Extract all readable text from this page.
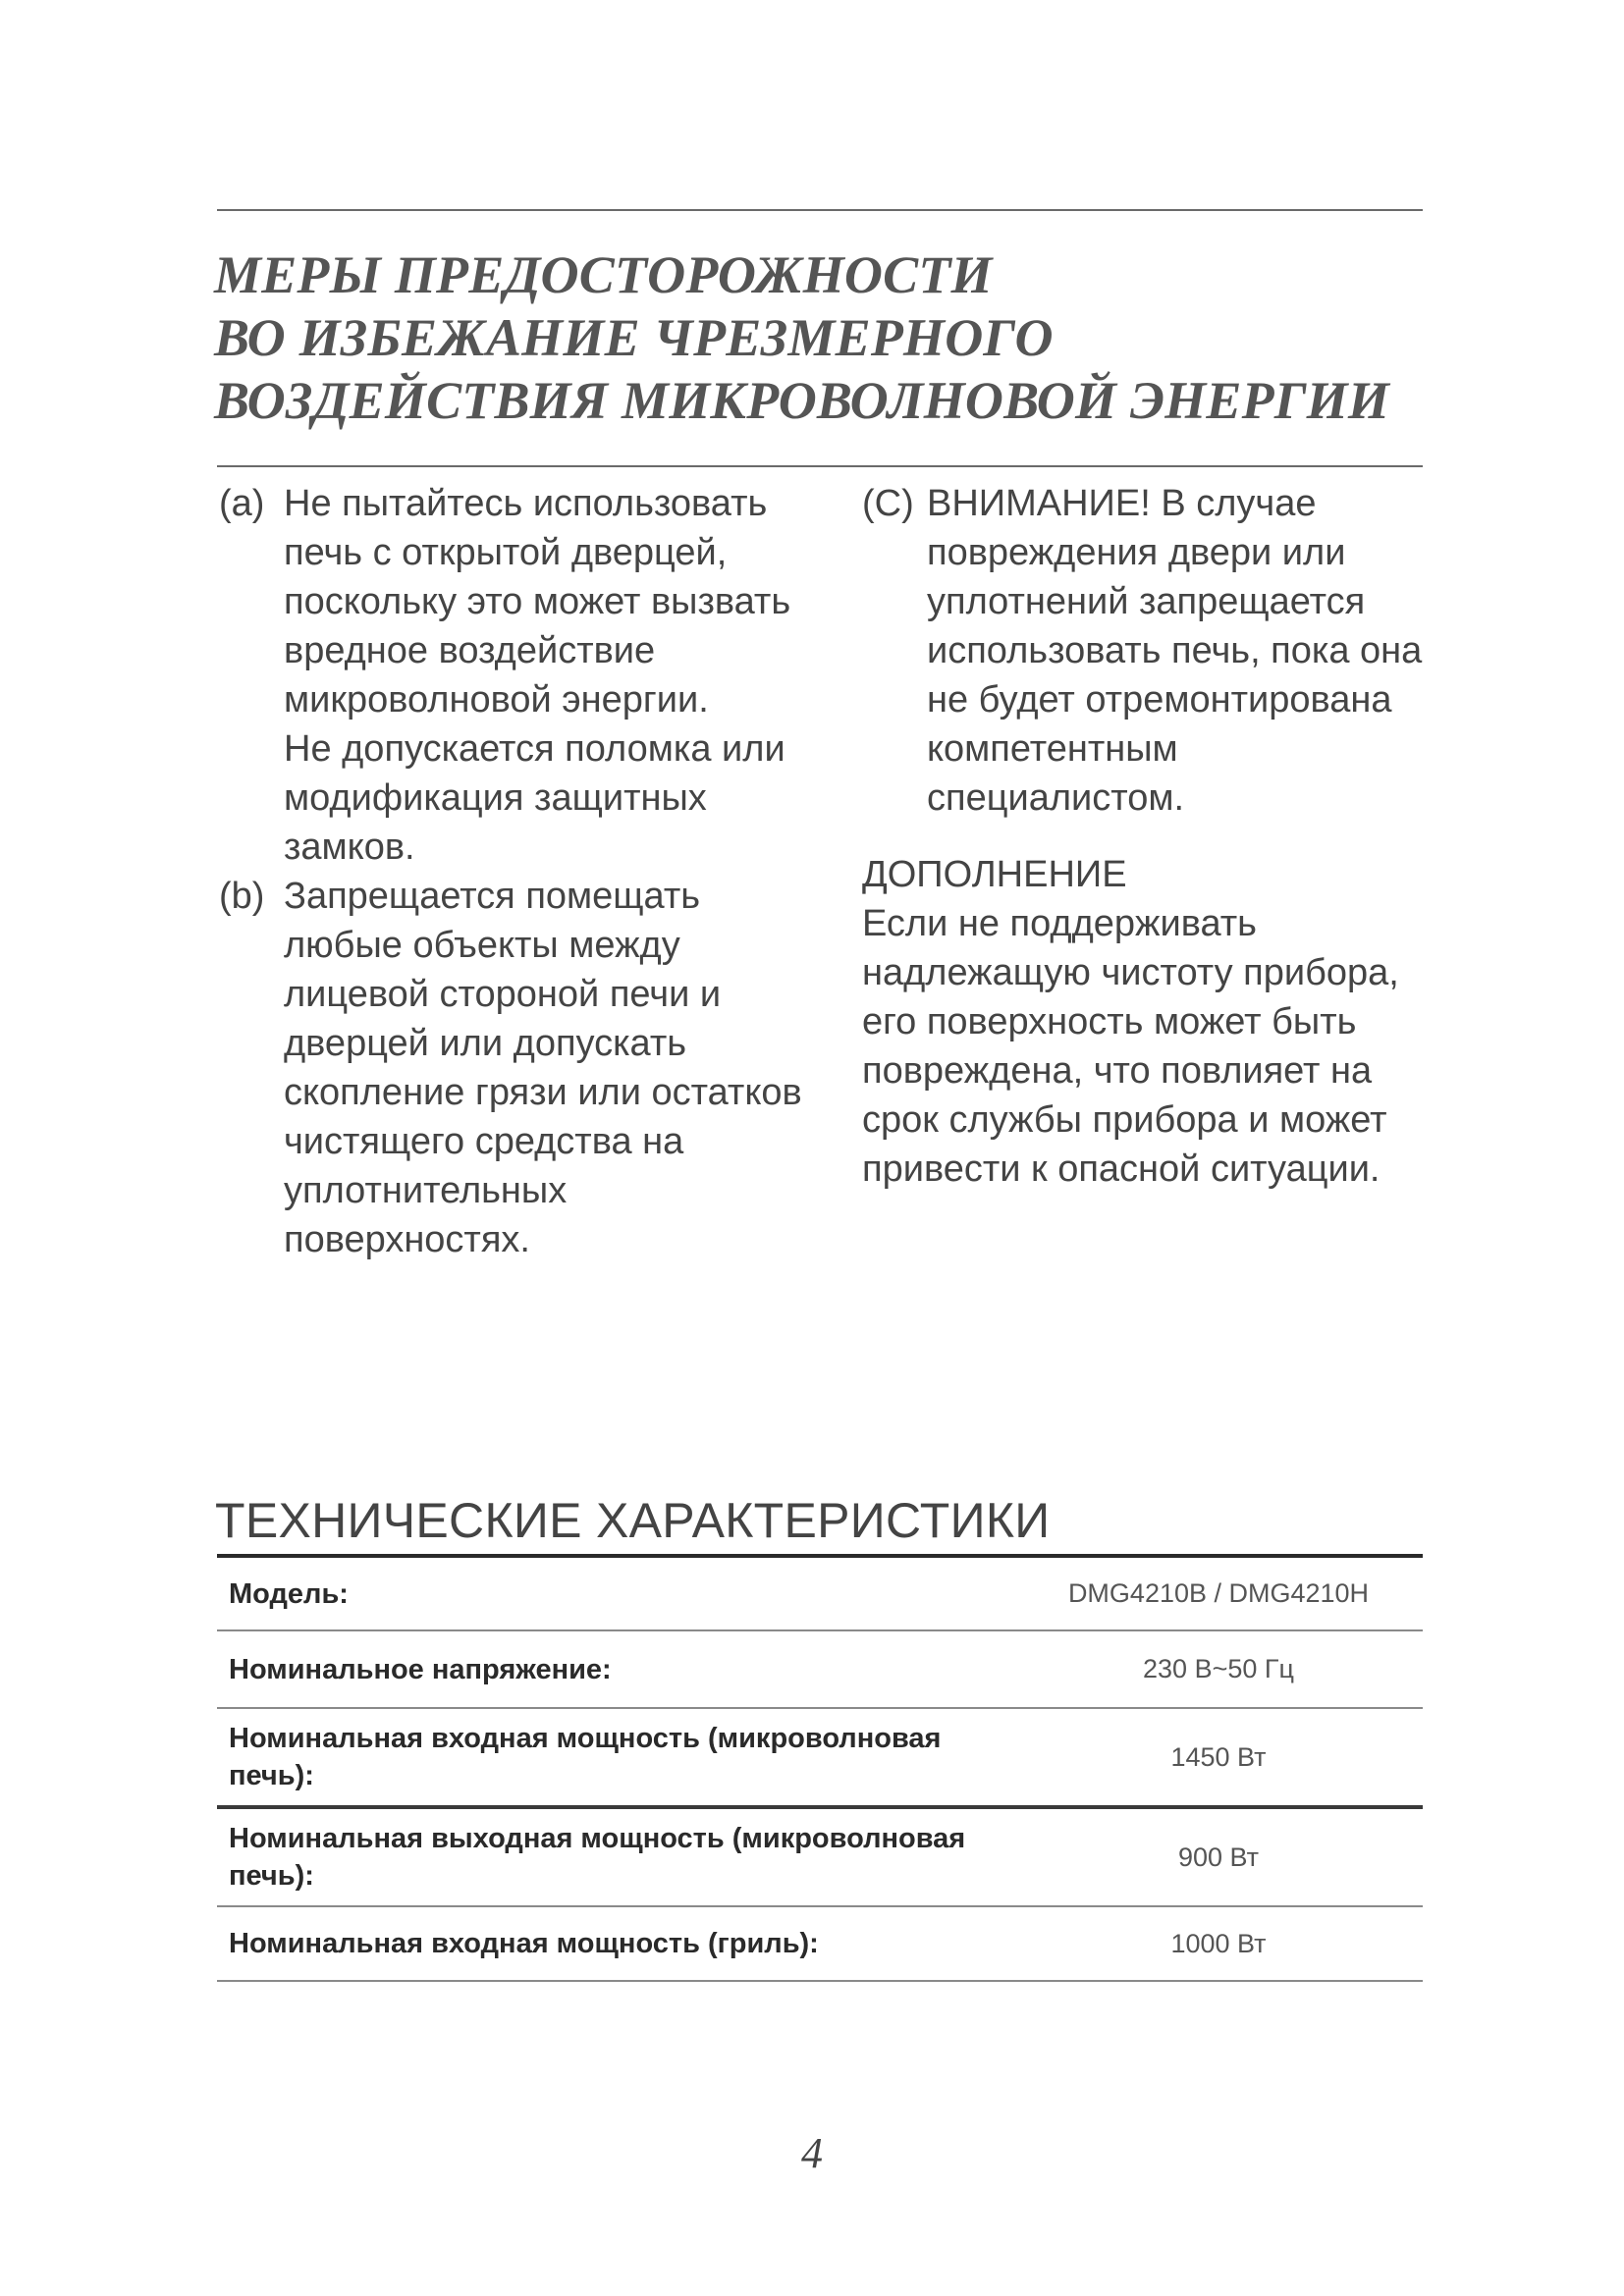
МЕРЫ ПРЕДОСТОРОЖНОСТИ
ВО ИЗБЕЖАНИЕ ЧРЕЗМЕРНОГО
ВОЗДЕЙСТВИЯ МИКРОВОЛНОВОЙ ЭНЕРГИИ
(a) Не пытайтесь использовать печь с открытой дверцей, поскольку это может вызвать вредное воздействие микроволновой энергии.

Не допускается поломка или модификация защитных замков.

(b) Запрещается помещать любые объекты между лицевой стороной печи и дверцей или допускать скопление грязи или остатков чистящего средства на уплотнительных поверхностях.

(C) ВНИМАНИЕ! В случае повреждения двери или уплотнений запрещается использовать печь, пока она не будет отремонтирована компетентным специалистом.

ДОПОЛНЕНИЕ

Если не поддерживать надлежащую чистоту прибора, его поверхность может быть повреждена, что повлияет на срок службы прибора и может привести к опасной ситуации.

ТЕХНИЧЕСКИЕ ХАРАКТЕРИСТИКИ
Модель:	DMG4210B / DMG4210H
Номинальное напряжение:	230 В~50 Гц
Номинальная входная мощность (микроволновая печь):
1450 Вт
Номинальная выходная мощность (микроволновая печь):
900 Вт
Номинальная входная мощность (гриль):	1000 Вт
4
